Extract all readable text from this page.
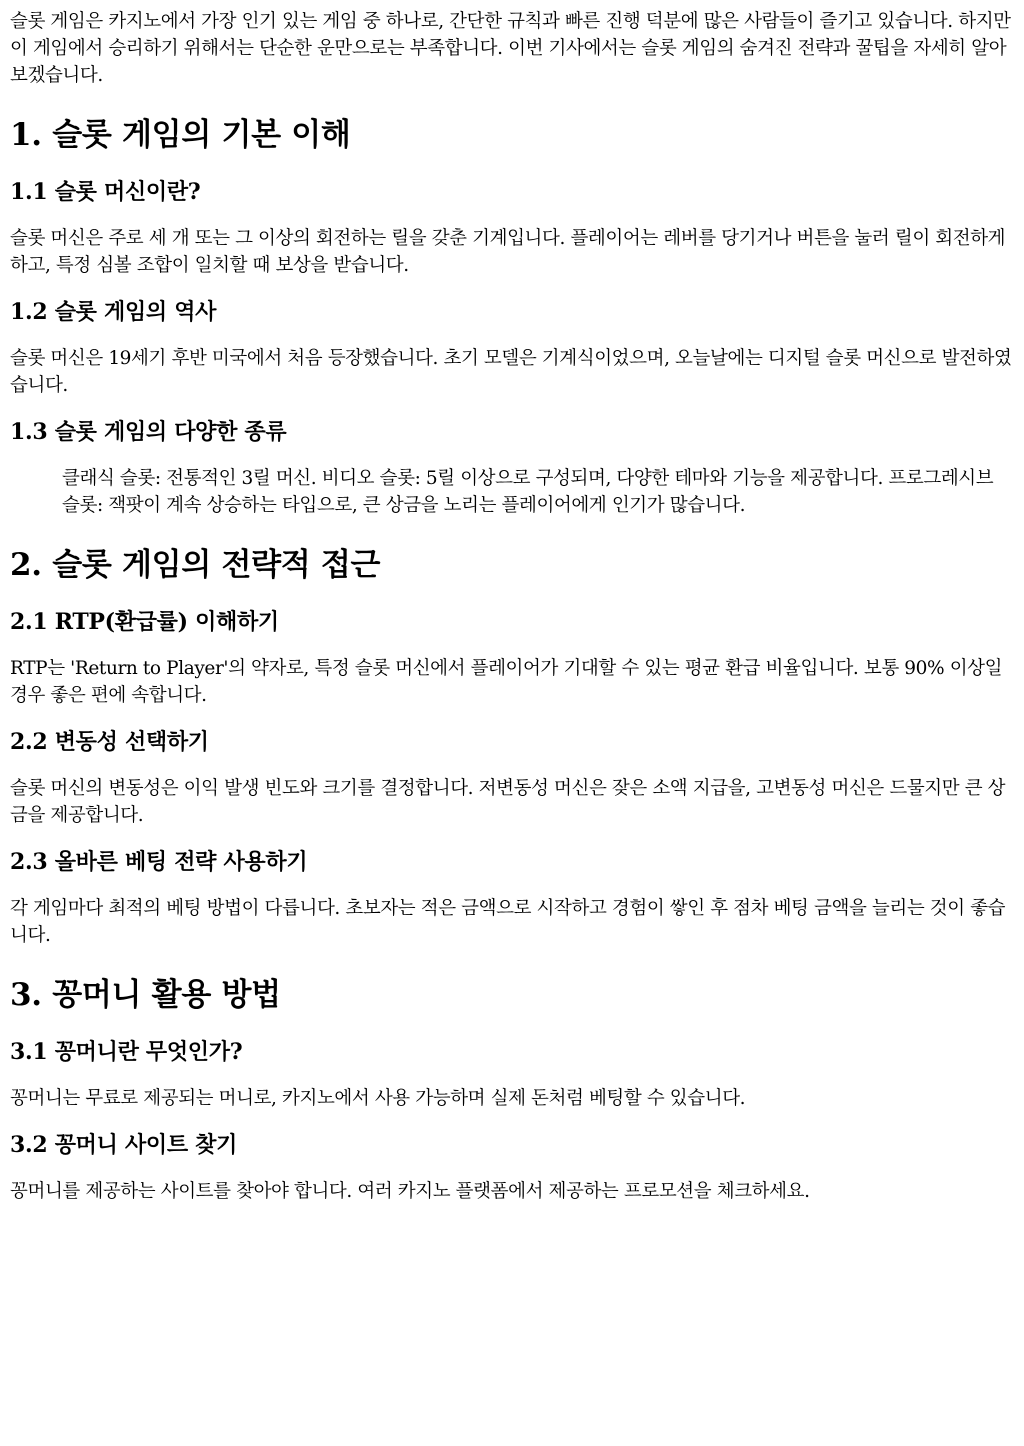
슬롯 게임은 카지노에서 가장 인기 있는 게임 중 하나로, 간단한 규칙과 빠른 진행 덕분에 많은 사람들이 즐기고 있습니다. 하지만 이 게임에서 승리하기 위해서는 단순한 운만으로는 부족합니다. 이번 기사에서는 슬롯 게임의 숨겨진 전략과 꿀팁을 자세히 알아보겠습니다.

1. 슬롯 게임의 기본 이해
1.1 슬롯 머신이란?

슬롯 머신은 주로 세 개 또는 그 이상의 회전하는 릴을 갖춘 기계입니다. 플레이어는 레버를 당기거나 버튼을 눌러 릴이 회전하게 하고, 특정 심볼 조합이 일치할 때 보상을 받습니다.

1.2 슬롯 게임의 역사

슬롯 머신은 19세기 후반 미국에서 처음 등장했습니다. 초기 모델은 기계식이었으며, 오늘날에는 디지털 슬롯 머신으로 발전하였습니다.

1.3 슬롯 게임의 다양한 종류
클래식 슬롯: 전통적인 3릴 머신. 비디오 슬롯: 5릴 이상으로 구성되며, 다양한 테마와 기능을 제공합니다. 프로그레시브 슬롯: 잭팟이 계속 상승하는 타입으로, 큰 상금을 노리는 플레이어에게 인기가 많습니다.
2. 슬롯 게임의 전략적 접근
2.1 RTP(환급률) 이해하기

RTP는 'Return to Player'의 약자로, 특정 슬롯 머신에서 플레이어가 기대할 수 있는 평균 환급 비율입니다. 보통 90% 이상일 경우 좋은 편에 속합니다.

2.2 변동성 선택하기

슬롯 머신의 변동성은 이익 발생 빈도와 크기를 결정합니다. 저변동성 머신은 잦은 소액 지급을, 고변동성 머신은 드물지만 큰 상금을 제공합니다.

2.3 올바른 베팅 전략 사용하기

각 게임마다 최적의 베팅 방법이 다릅니다. 초보자는 적은 금액으로 시작하고 경험이 쌓인 후 점차 베팅 금액을 늘리는 것이 좋습니다.

3. 꽁머니 활용 방법
3.1 꽁머니란 무엇인가?

꽁머니는 무료로 제공되는 머니로, 카지노에서 사용 가능하며 실제 돈처럼 베팅할 수 있습니다.

3.2 꽁머니 사이트 찾기

꽁머니를 제공하는 사이트를 찾아야 합니다. 여러 카지노 플랫폼에서 제공하는 프로모션을 체크하세요.
